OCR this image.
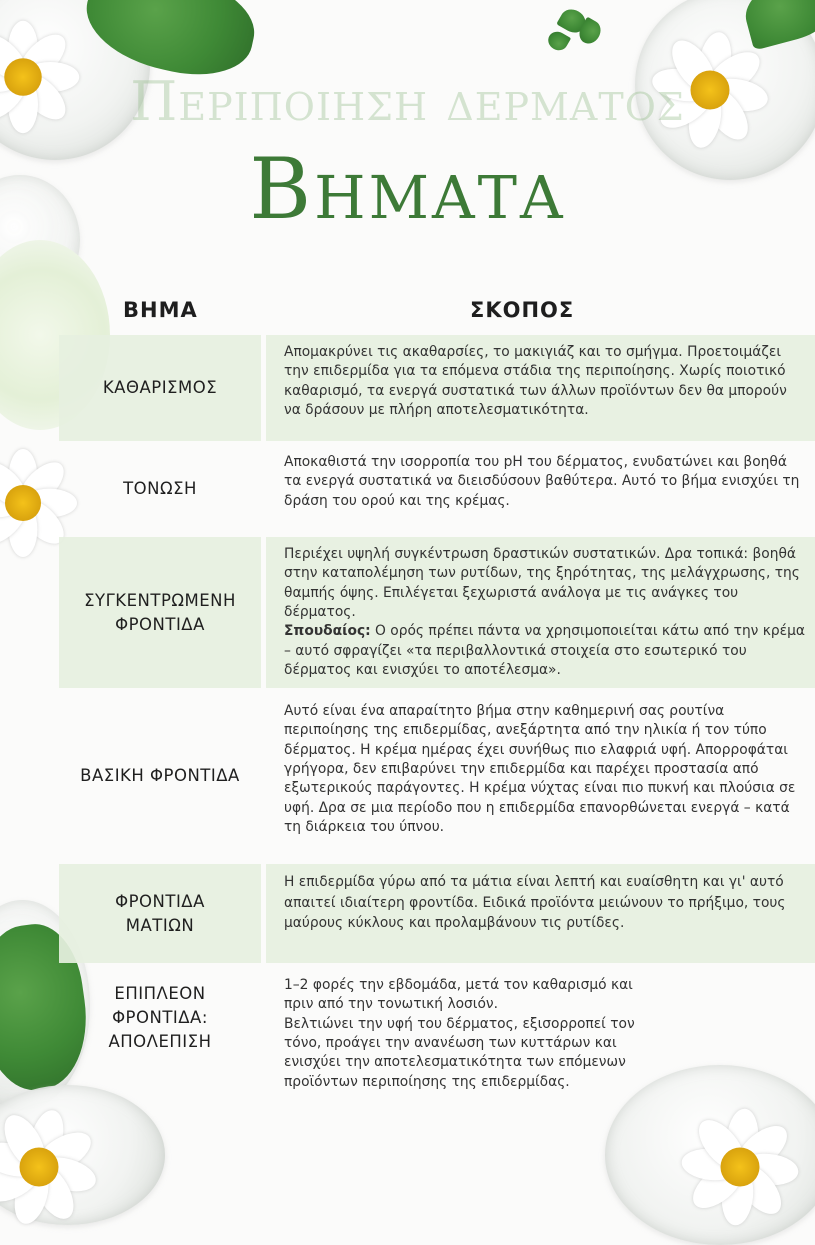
Περιποιηση δερματος
Βηματα
ΒΗΜΑ	ΣΚΟΠΟΣ
ΚΑΘΑΡΙΣΜΟΣ
Απομακρύνει τις ακαθαρσίες, το μακιγιάζ και το σμήγμα. Προετοιμάζει την επιδερμίδα για τα επόμενα στάδια της περιποίησης. Χωρίς ποιοτικό καθαρισμό, τα ενεργά συστατικά των άλλων προϊόντων δεν θα μπορούν να δράσουν με πλήρη αποτελεσματικότητα.
ΤΟΝΩΣΗ
Αποκαθιστά την ισορροπία του pH του δέρματος, ενυδατώνει και βοηθά τα ενεργά συστατικά να διεισδύσουν βαθύτερα. Αυτό το βήμα ενισχύει τη δράση του ορού και της κρέμας.
ΣΥΓΚΕΝΤΡΩΜΕΝΗ ΦΡΟΝΤΙΔΑ
Περιέχει υψηλή συγκέντρωση δραστικών συστατικών. Δρα τοπικά: βοηθά στην καταπολέμηση των ρυτίδων, της ξηρότητας, της μελάγχρωσης, της θαμπής όψης. Επιλέγεται ξεχωριστά ανάλογα με τις ανάγκες του δέρματος.
Σπουδαίος: Ο ορός πρέπει πάντα να χρησιμοποιείται κάτω από την κρέμα – αυτό σφραγίζει «τα περιβαλλοντικά στοιχεία στο εσωτερικό του δέρματος και ενισχύει το αποτέλεσμα».
ΒΑΣΙΚΗ ΦΡΟΝΤΙΔΑ
Αυτό είναι ένα απαραίτητο βήμα στην καθημερινή σας ρουτίνα περιποίησης της επιδερμίδας, ανεξάρτητα από την ηλικία ή τον τύπο δέρματος. Η κρέμα ημέρας έχει συνήθως πιο ελαφριά υφή. Απορροφάται γρήγορα, δεν επιβαρύνει την επιδερμίδα και παρέχει προστασία από εξωτερικούς παράγοντες. Η κρέμα νύχτας είναι πιο πυκνή και πλούσια σε υφή. Δρα σε μια περίοδο που η επιδερμίδα επανορθώνεται ενεργά – κατά τη διάρκεια του ύπνου.
ΦΡΟΝΤΙΔΑ ΜΑΤΙΩΝ
Η επιδερμίδα γύρω από τα μάτια είναι λεπτή και ευαίσθητη και γι' αυτό απαιτεί ιδιαίτερη φροντίδα. Ειδικά προϊόντα μειώνουν το πρήξιμο, τους μαύρους κύκλους και προλαμβάνουν τις ρυτίδες.
ΕΠΙΠΛΕΟΝ ΦΡΟΝΤΙΔΑ: ΑΠΟΛΕΠΙΣΗ
1–2 φορές την εβδομάδα, μετά τον καθαρισμό και πριν από την τονωτική λοσιόν.
Βελτιώνει την υφή του δέρματος, εξισορροπεί τον τόνο, προάγει την ανανέωση των κυττάρων και ενισχύει την αποτελεσματικότητα των επόμενων προϊόντων περιποίησης της επιδερμίδας.
